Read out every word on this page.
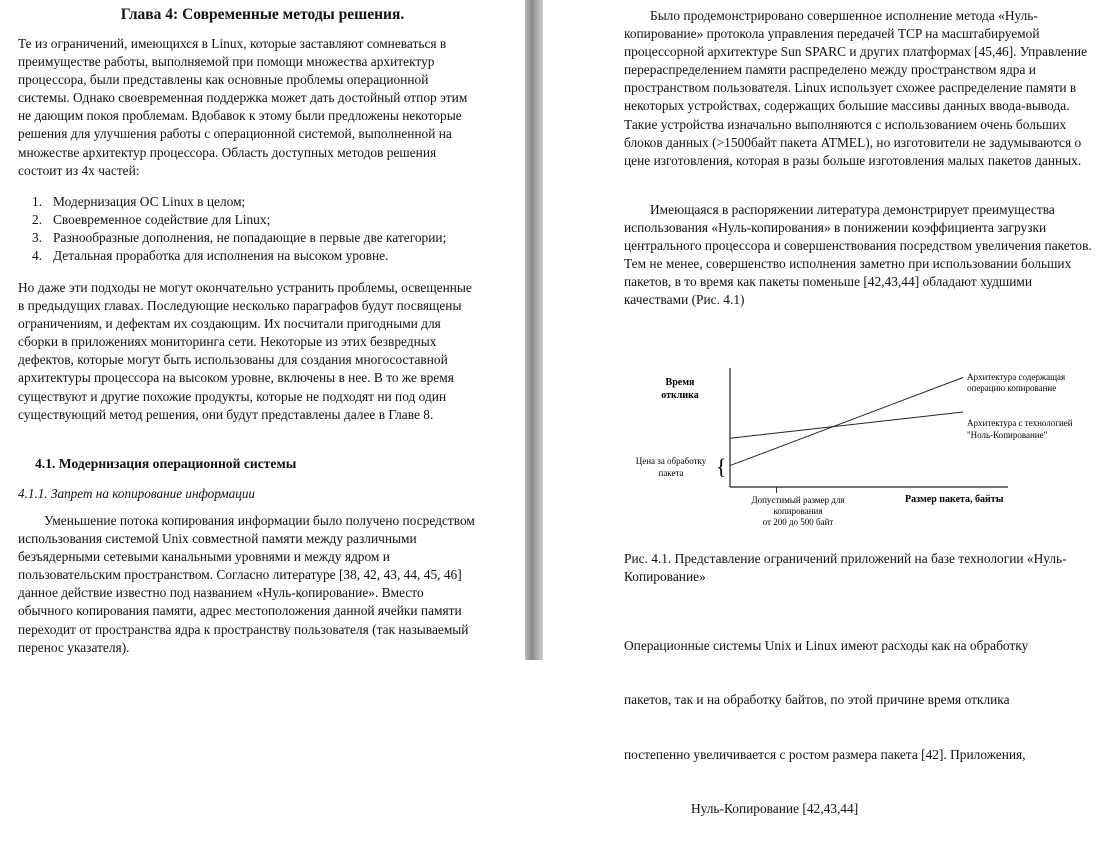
Глава 4: Современные методы решения.

Те из ограничений, имеющихся в Linux, которые заставляют сомневаться в преимуществе работы, выполняемой при помощи множества архитектур процессора, были представлены как основные проблемы операционной системы. Однако своевременная поддержка может дать достойный отпор этим не дающим покоя проблемам. Вдобавок к этому были предложены некоторые решения для улучшения работы с операционной системой, выполненной на множестве архитектур процессора. Область доступных методов решения состоит из 4х частей:

1. Модернизация ОС Linux в целом;
2. Своевременное содействие для Linux;
3. Разнообразные дополнения, не попадающие в первые две категории;
4. Детальная проработка для исполнения на высоком уровне.

Но даже эти подходы не могут окончательно устранить проблемы, освещенные в предыдущих главах. Последующие несколько параграфов будут посвящены ограничениям, и дефектам их создающим. Их посчитали пригодными для сборки в приложениях мониторинга сети. Некоторые из этих безвредных дефектов, которые могут быть использованы для создания многосоставной архитектуры процессора на высоком уровне, включены в нее. В то же время существуют и другие похожие продукты, которые не подходят ни под один существующий метод решения, они будут представлены далее в Главе 8.

4.1. Модернизация операционной системы
4.1.1. Запрет на копирование информации

Уменьшение потока копирования информации было получено посредством использования системой Unix совместной памяти между различными безъядерными сетевыми канальными уровнями и между ядром и пользовательским пространством. Согласно литературе [38, 42, 43, 44, 45, 46] данное действие известно под названием «Нуль-копирование». Вместо обычного копирования памяти, адрес местоположения данной ячейки памяти переходит от пространства ядра к пространству пользователя (так называемый перенос указателя).

Было продемонстрировано совершенное исполнение метода «Нуль-копирование» протокола управления передачей TCP на масштабируемой процессорной архитектуре Sun SPARC и других платформах [45,46]. Управление перераспределением памяти распределено между пространством ядра и пространством пользователя. Linux использует схожее распределение памяти в некоторых устройствах, содержащих большие массивы данных ввода-вывода. Такие устройства изначально выполняются с использованием очень больших блоков данных (>1500байт пакета ATMEL), но изготовители не задумываются о цене изготовления, которая в разы больше изготовления малых пакетов данных.

Имеющаяся в распоряжении литература демонстрирует преимущества использования «Нуль-копирования» в понижении коэффициента загрузки центрального процессора и совершенствования посредством увеличения пакетов. Тем не менее, совершенство исполнения заметно при использовании больших пакетов, в то время как пакеты поменьше [42,43,44] обладают худшими качествами (Рис. 4.1)

Время
отклика
Размер пакета, байты
Архитектура содержащая
операцию копирование
Архитектура с технологией
"Ноль-Копирование"
Цена за обработку
пакета {
Допустимый размер для
копирования
от 200 до 500 байт

Рис. 4.1. Представление ограничений приложений на базе технологии «Нуль-Копирование»

Операционные системы Unix и Linux имеют расходы как на обработку

пакетов, так и на обработку байтов, по этой причине время отклика

постепенно увеличивается с ростом размера пакета [42]. Приложения,

Нуль-Копирование [42,43,44]
